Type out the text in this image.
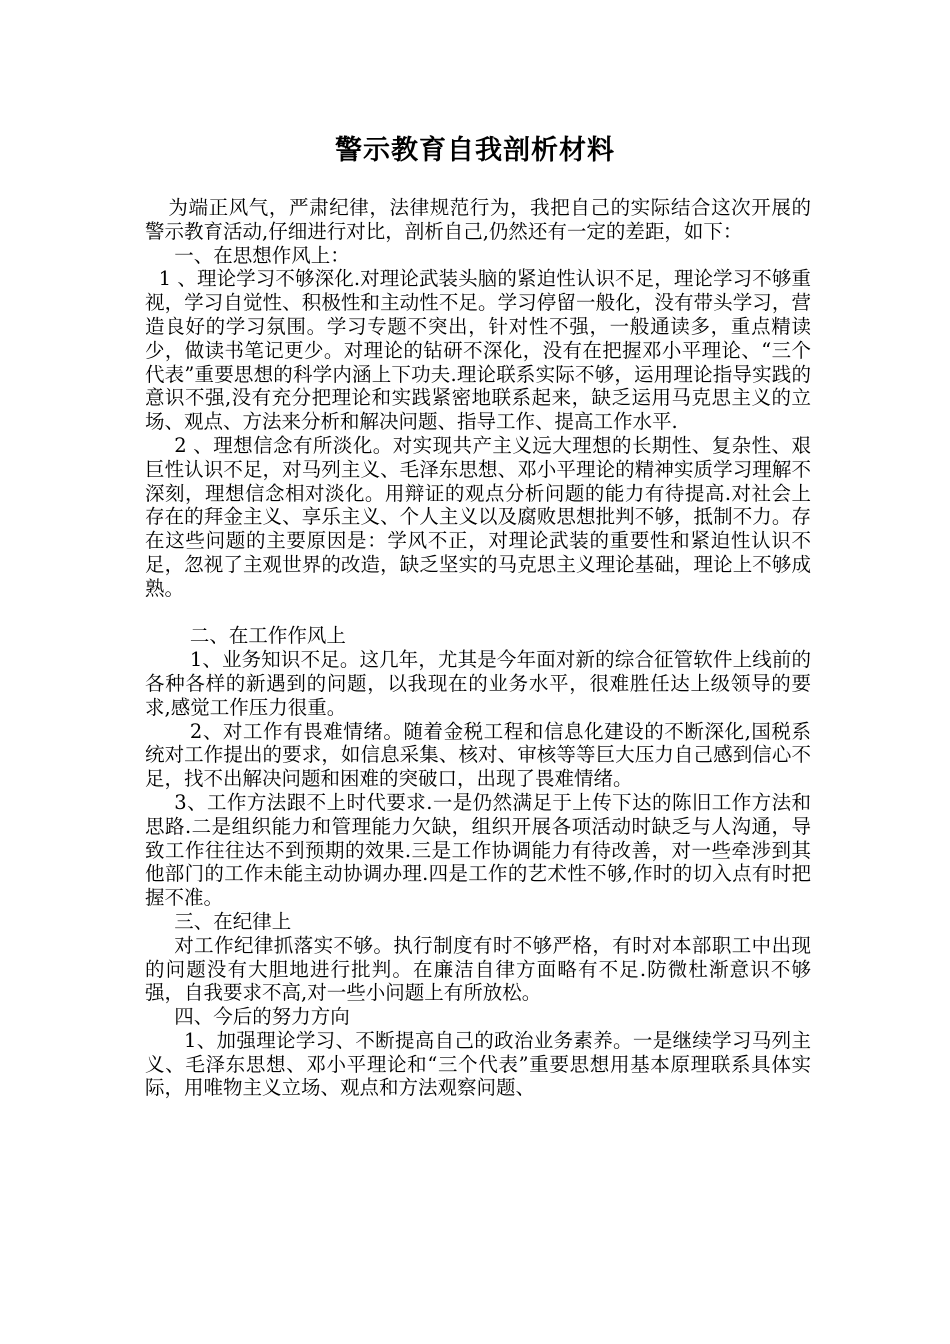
警示教育自我剖析材料

为端正风气，严肃纪律，法律规范行为，我把自己的实际结合这次开展的警示教育活动,仔细进行对比，剖析自己,仍然还有一定的差距，如下：

一、在思想作风上：

1 、理论学习不够深化.对理论武装头脑的紧迫性认识不足，理论学习不够重视，学习自觉性、积极性和主动性不足。学习停留一般化，没有带头学习，营造良好的学习氛围。学习专题不突出，针对性不强，一般通读多，重点精读少，做读书笔记更少。对理论的钻研不深化，没有在把握邓小平理论、“三个代表”重要思想的科学内涵上下功夫.理论联系实际不够，运用理论指导实践的意识不强,没有充分把理论和实践紧密地联系起来，缺乏运用马克思主义的立场、观点、方法来分析和解决问题、指导工作、提高工作水平.

2 、理想信念有所淡化。对实现共产主义远大理想的长期性、复杂性、艰巨性认识不足，对马列主义、毛泽东思想、邓小平理论的精神实质学习理解不深刻，理想信念相对淡化。用辩证的观点分析问题的能力有待提高.对社会上存在的拜金主义、享乐主义、个人主义以及腐败思想批判不够，抵制不力。存在这些问题的主要原因是：学风不正，对理论武装的重要性和紧迫性认识不足，忽视了主观世界的改造，缺乏坚实的马克思主义理论基础，理论上不够成熟。

二、在工作作风上

1、业务知识不足。这几年，尤其是今年面对新的综合征管软件上线前的各种各样的新遇到的问题，以我现在的业务水平，很难胜任达上级领导的要求,感觉工作压力很重。

2、对工作有畏难情绪。随着金税工程和信息化建设的不断深化,国税系统对工作提出的要求，如信息采集、核对、审核等等巨大压力自己感到信心不足，找不出解决问题和困难的突破口，出现了畏难情绪。

3、工作方法跟不上时代要求.一是仍然满足于上传下达的陈旧工作方法和思路.二是组织能力和管理能力欠缺，组织开展各项活动时缺乏与人沟通，导致工作往往达不到预期的效果.三是工作协调能力有待改善，对一些牵涉到其他部门的工作未能主动协调办理.四是工作的艺术性不够,作时的切入点有时把握不准。

三、在纪律上

对工作纪律抓落实不够。执行制度有时不够严格，有时对本部职工中出现的问题没有大胆地进行批判。在廉洁自律方面略有不足.防微杜渐意识不够强，自我要求不高,对一些小问题上有所放松。

四、今后的努力方向

1、加强理论学习、不断提高自己的政治业务素养。一是继续学习马列主义、毛泽东思想、邓小平理论和“三个代表”重要思想用基本原理联系具体实际，用唯物主义立场、观点和方法观察问题、
